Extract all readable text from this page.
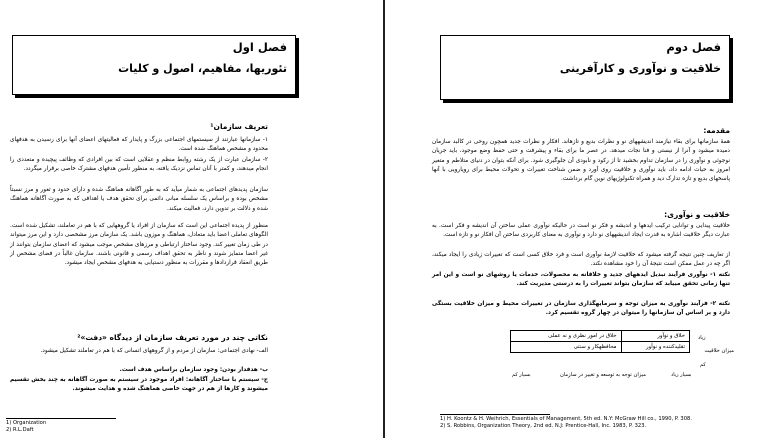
فصل اول
تئوریها، مفاهیم، اصول و کلیات
تعریف سازمان¹
۱- سازمانها عبارتند از سیستمهای اجتماعی بزرگ و پایدار که فعالیتهای اعضای آنها برای رسیدن به هدفهای محدود و مشخص هماهنگ شده است.
۲- سازمان عبارت از یک رشته روابط منظم و عقلایی است که بین افرادی که وظائف پیچیده و متعددی را انجام میدهند، و کمتر با آنان تماس نزدیک یافته، به منظور تأمین هدفهای مشترک خاصی برقرار میگردد.
سازمان پدیدهای اجتماعی به شمار میآید که به طور آگاهانه هماهنگ شده و دارای حدود و ثغور و مرز نسبتاً مشخص بوده و براساس یک سلسله مبانی دائمی برای تحقق هدف یا اهدافی که به صورت آگاهانه هماهنگ شده و دلالت بر تدوین دارد، فعالیت میکند.
منظور از پدیده اجتماعی این است که سازمان از افراد یا گروههایی که با هم در تعاملند، تشکیل شده است. الگوهای تعاملی اعضا باید متعادل، هماهنگ و موزون باشد. یک سازمان مرز مشخصی دارد و این مرز میتواند در طی زمان تغییر کند. وجود ساختار ارتباطی و مرزهای مشخص موجب میشود که اعضای سازمان بتوانند از غیر اعضا متمایز شوند و ناظر به تحقق اهداف رسمی و قانونی باشند. سازمان غالباً در فضای مشخص از طریق انعقاد قراردادها و مقررات به منظور دستیابی به هدفهای مشخص ایجاد میشود.
نکاتی چند در مورد تعریف سازمان از دیدگاه «دفت»²
الف- نهادی اجتماعی: سازمان از مردم و از گروههای انسانی که با هم در تعاملند تشکیل میشود.
ب- هدفدار بودن: وجود سازمان براساس هدف است.
ج- سیستم با ساختار آگاهانه: افراد موجود در سیستم به صورت آگاهانه به چند بخش تقسیم میشوند و کارها از هم در جهت خاصی هماهنگ شده و هدایت میشوند.
1) Organization
2) R.L.Daft
فصل دوم
خلاقیت و نوآوری و کارآفرینی
مقدمه:
همهٔ سازمانها برای بقاء نیازمند اندیشههای نو و نظرات بدیع و تازهاند. افکار و نظرات جدید همچون روحی در کالبد سازمان دمیده میشود و آنرا از نیستی و فنا نجات میدهد. در عصر ما برای بقاء و پیشرفت و حتی حفظ وضع موجود، باید جریان نوجوئی و نوآوری را در سازمان تداوم بخشید تا از رکود و نابودی آن جلوگیری شود. برای آنکه بتوان در دنیای متلاطم و متغیر امروز به حیات ادامه داد، باید نوآوری و خلاقیت روی آورد و ضمن شناخت تغییرات و تحولات محیط برای رویارویی با آنها پاسخهای بدیع و تازه تدارک دید و همراه تکنولوژیهای نوین گام برداشت.
خلاقیت و نوآوری:
خلاقیت پیدایی و توانایی ترکیب ایدهها و اندیشه و فکر نو است در حالیکه نوآوری عملی ساختن آن اندیشه و فکر است. به عبارت دیگر خلاقیت اشاره به قدرت ایجاد اندیشههای نو دارد و نوآوری به معنای کاربردی ساختن آن افکار نو و تازه است.
از تعاریف چنین نتیجه گرفته میشود که خلاقیت لازمهٔ نوآوری است و فرد خلاق کسی است که تغییرات زیادی را ایجاد میکند، اگر چه در عمل ممکن است نتیجهٔ آن را خود مشاهده نکند.
نکته ۱- نوآوری فرآیند تبدیل ایدههای جدید و خلاقانه به محصولات، خدمات یا روشهای نو است و این امر تنها زمانی تحقق مییابد که سازمان بتواند تغییرات را به درستی مدیریت کند.
نکته ۲- فرآیند نوآوری به میزان توجه و سرمایهگذاری سازمان در تغییرات محیط و میزان خلاقیت بستگی دارد و بر اساس آن سازمانها را میتوان در چهار گروه تقسیم کرد.
خلاق و نوآور	خلاق در امور نظری و نه عملی
تقلیدکننده و نوآور	محافظهکار و سنتی
زیاد
میزان خلاقیت
کم
بسیار زیاد
میزان توجه به توسعه و تغییر در سازمان
بسیار کم
1) H. Koontz & H. Weihrich, Essentials of Management, 5th ed. N.Y: McGraw Hill co., 1990, P. 308.
2) S. Robbins, Organization Theory, 2nd ed. N.J: Prentice-Hall, Inc. 1983, P. 323.
